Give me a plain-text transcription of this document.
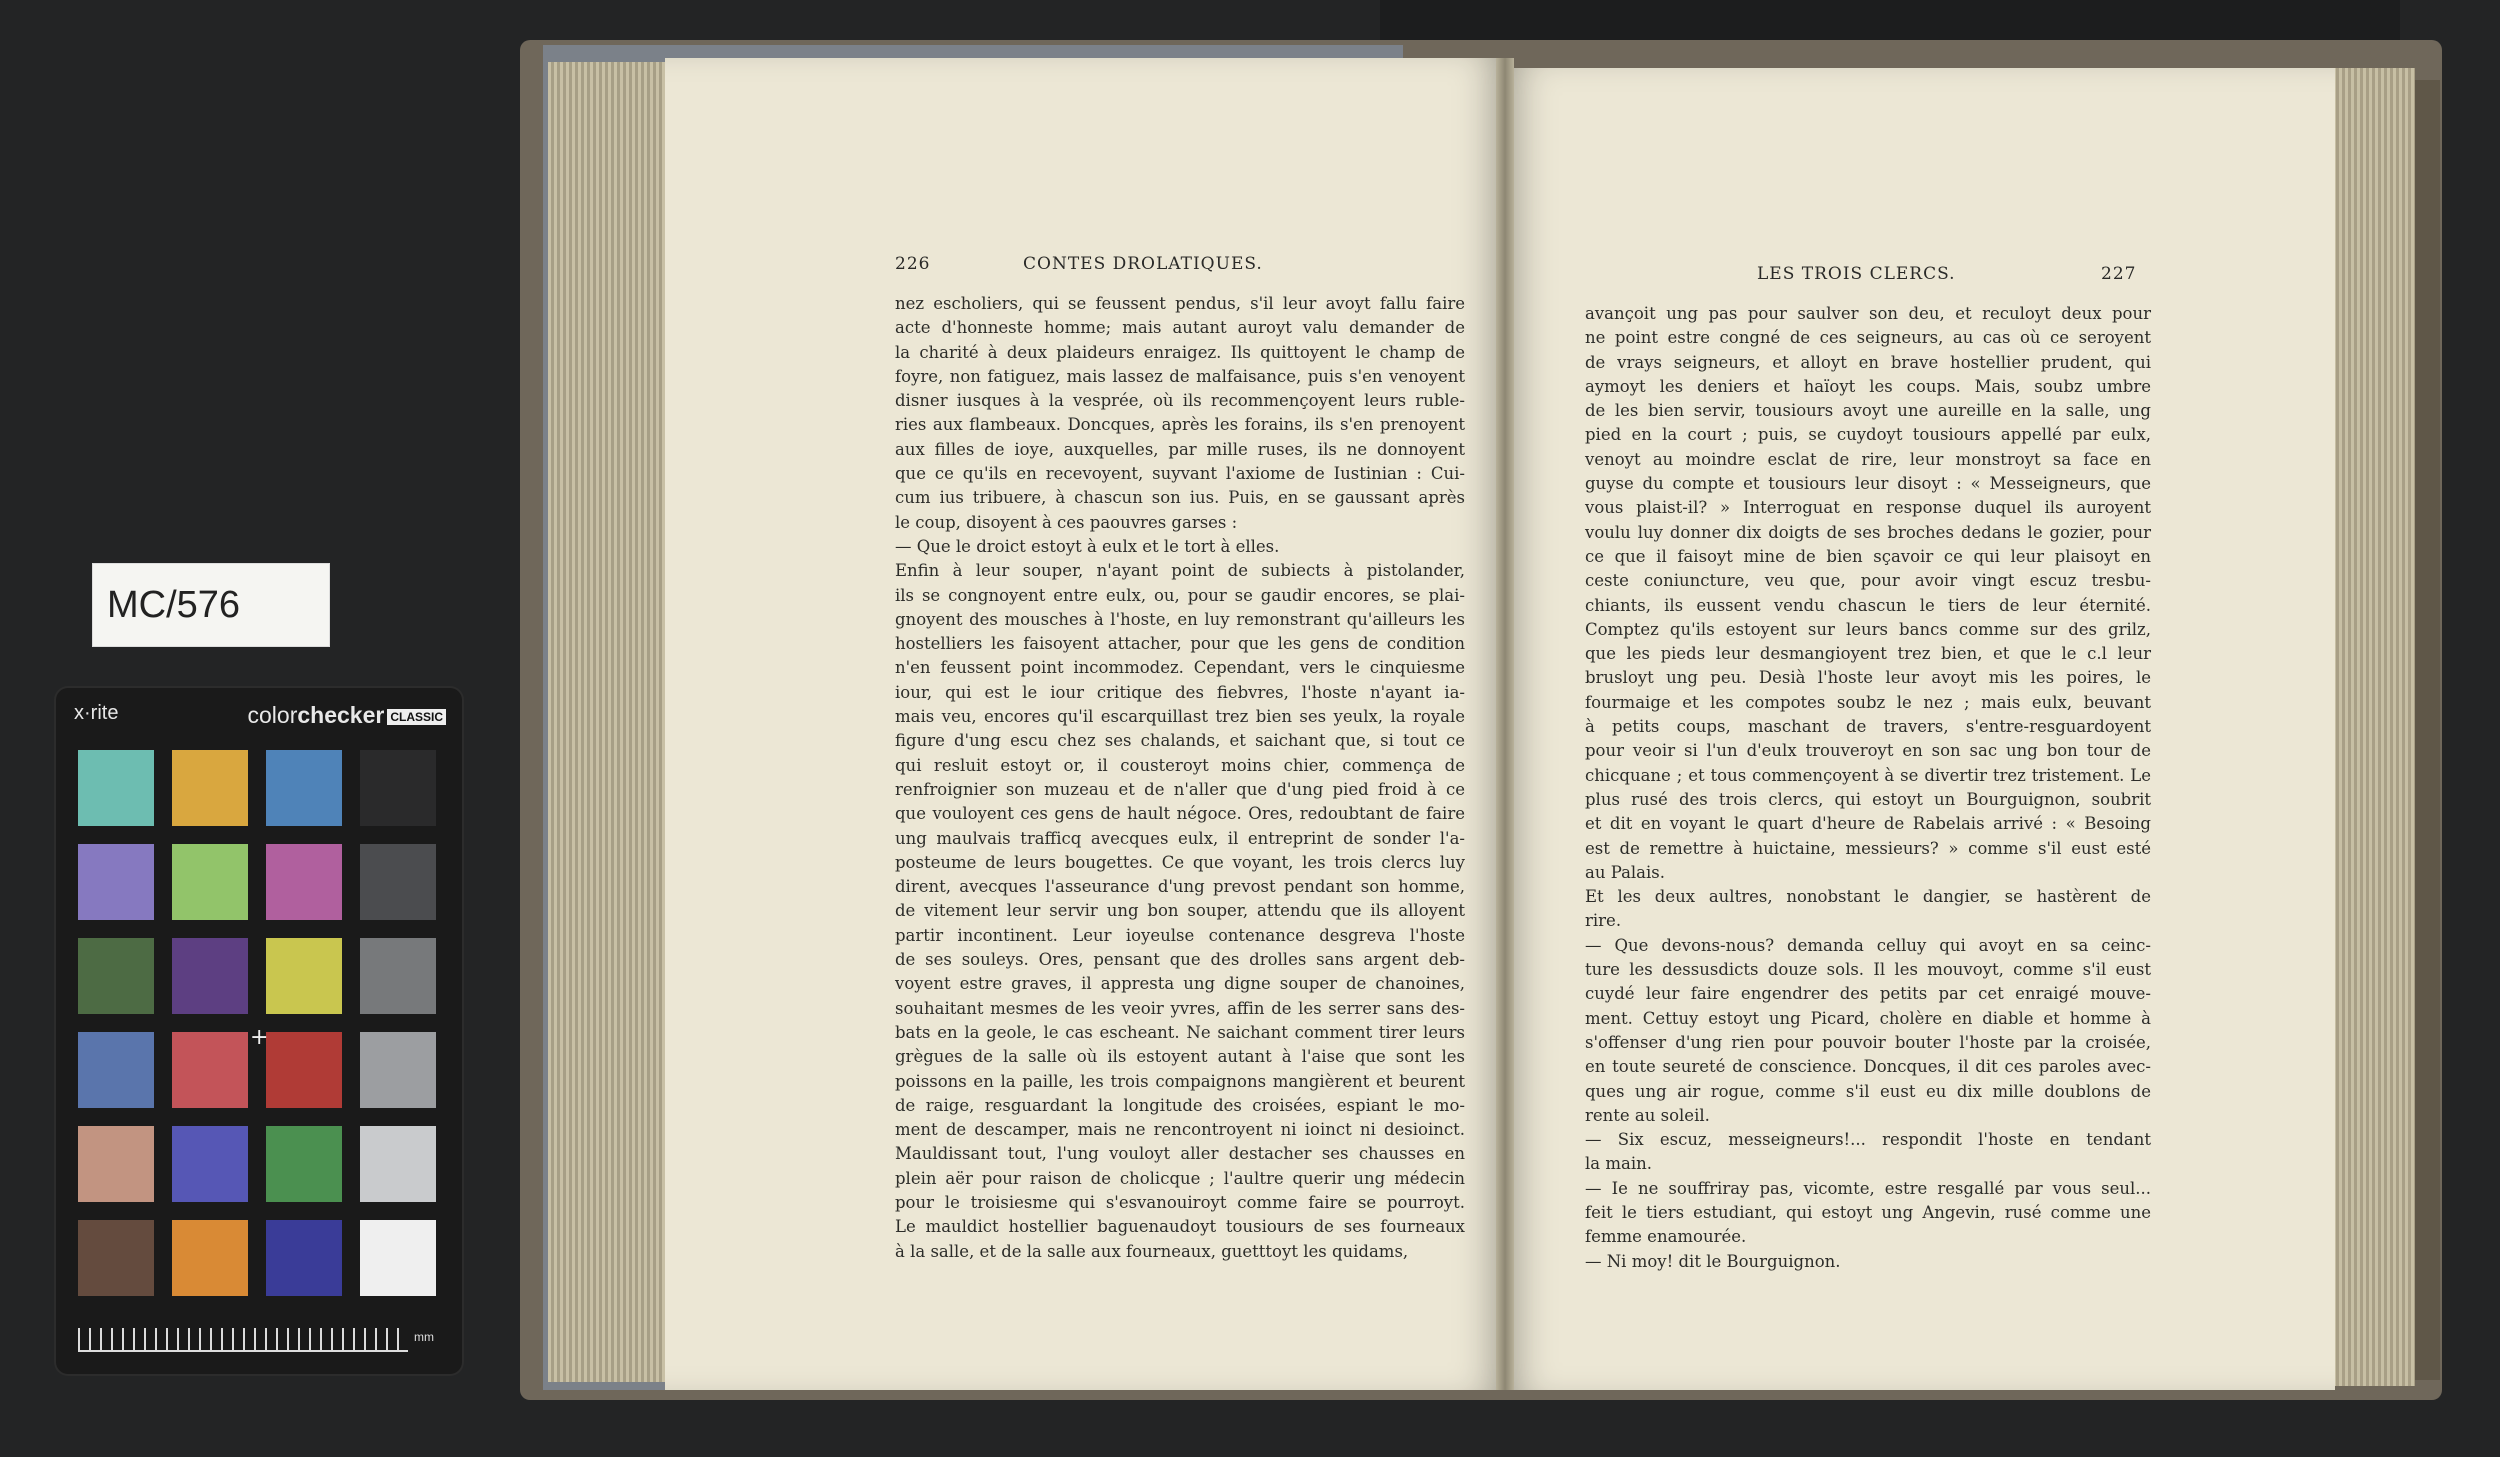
MC/576
x·rite	colorchecker CLASSIC
mm
+
226	CONTES DROLATIQUES.
nez escholiers, qui se feussent pendus, s'il leur avoyt fallu faire
acte d'honneste homme; mais autant auroyt valu demander de
la charité à deux plaideurs enraigez. Ils quittoyent le champ de
foyre, non fatiguez, mais lassez de malfaisance, puis s'en venoyent
disner iusques à la vesprée, où ils recommençoyent leurs ruble-
ries aux flambeaux. Doncques, après les forains, ils s'en prenoyent
aux filles de ioye, auxquelles, par mille ruses, ils ne donnoyent
que ce qu'ils en recevoyent, suyvant l'axiome de Iustinian : Cui-
cum ius tribuere, à chascun son ius. Puis, en se gaussant après
le coup, disoyent à ces paouvres garses :
— Que le droict estoyt à eulx et le tort à elles.
Enfin à leur souper, n'ayant point de subiects à pistolander,
ils se congnoyent entre eulx, ou, pour se gaudir encores, se plai-
gnoyent des mousches à l'hoste, en luy remonstrant qu'ailleurs les
hostelliers les faisoyent attacher, pour que les gens de condition
n'en feussent point incommodez. Cependant, vers le cinquiesme
iour, qui est le iour critique des fiebvres, l'hoste n'ayant ia-
mais veu, encores qu'il escarquillast trez bien ses yeulx, la royale
figure d'ung escu chez ses chalands, et saichant que, si tout ce
qui resluit estoyt or, il cousteroyt moins chier, commença de
renfroignier son muzeau et de n'aller que d'ung pied froid à ce
que vouloyent ces gens de hault négoce. Ores, redoubtant de faire
ung maulvais trafficq avecques eulx, il entreprint de sonder l'a-
posteume de leurs bougettes. Ce que voyant, les trois clercs luy
dirent, avecques l'asseurance d'ung prevost pendant son homme,
de vitement leur servir ung bon souper, attendu que ils alloyent
partir incontinent. Leur ioyeulse contenance desgreva l'hoste
de ses souleys. Ores, pensant que des drolles sans argent deb-
voyent estre graves, il appresta ung digne souper de chanoines,
souhaitant mesmes de les veoir yvres, affin de les serrer sans des-
bats en la geole, le cas escheant. Ne saichant comment tirer leurs
grègues de la salle où ils estoyent autant à l'aise que sont les
poissons en la paille, les trois compaignons mangièrent et beurent
de raige, resguardant la longitude des croisées, espiant le mo-
ment de descamper, mais ne rencontroyent ni ioinct ni desioinct.
Mauldissant tout, l'ung vouloyt aller destacher ses chausses en
plein aër pour raison de cholicque ; l'aultre querir ung médecin
pour le troisiesme qui s'esvanouiroyt comme faire se pourroyt.
Le mauldict hostellier baguenaudoyt tousiours de ses fourneaux
à la salle, et de la salle aux fourneaux, guetttoyt les quidams,
LES TROIS CLERCS.	227
avançoit ung pas pour saulver son deu, et reculoyt deux pour
ne point estre congné de ces seigneurs, au cas où ce seroyent
de vrays seigneurs, et alloyt en brave hostellier prudent, qui
aymoyt les deniers et haïoyt les coups. Mais, soubz umbre
de les bien servir, tousiours avoyt une aureille en la salle, ung
pied en la court ; puis, se cuydoyt tousiours appellé par eulx,
venoyt au moindre esclat de rire, leur monstroyt sa face en
guyse du compte et tousiours leur disoyt : « Messeigneurs, que
vous plaist-il? » Interroguat en response duquel ils auroyent
voulu luy donner dix doigts de ses broches dedans le gozier, pour
ce que il faisoyt mine de bien sçavoir ce qui leur plaisoyt en
ceste coniuncture, veu que, pour avoir vingt escuz tresbu-
chiants, ils eussent vendu chascun le tiers de leur éternité.
Comptez qu'ils estoyent sur leurs bancs comme sur des grilz,
que les pieds leur desmangioyent trez bien, et que le c.l leur
brusloyt ung peu. Desià l'hoste leur avoyt mis les poires, le
fourmaige et les compotes soubz le nez ; mais eulx, beuvant
à petits coups, maschant de travers, s'entre-resguardoyent
pour veoir si l'un d'eulx trouveroyt en son sac ung bon tour de
chicquane ; et tous commençoyent à se divertir trez tristement. Le
plus rusé des trois clercs, qui estoyt un Bourguignon, soubrit
et dit en voyant le quart d'heure de Rabelais arrivé : « Besoing
est de remettre à huictaine, messieurs? » comme s'il eust esté
au Palais.
Et les deux aultres, nonobstant le dangier, se hastèrent de
rire.
— Que devons-nous? demanda celluy qui avoyt en sa ceinc-
ture les dessusdicts douze sols. Il les mouvoyt, comme s'il eust
cuydé leur faire engendrer des petits par cet enraigé mouve-
ment. Cettuy estoyt ung Picard, cholère en diable et homme à
s'offenser d'ung rien pour pouvoir bouter l'hoste par la croisée,
en toute seureté de conscience. Doncques, il dit ces paroles avec-
ques ung air rogue, comme s'il eust eu dix mille doublons de
rente au soleil.
— Six escuz, messeigneurs!... respondit l'hoste en tendant
la main.
— Ie ne souffriray pas, vicomte, estre resgallé par vous seul...
feit le tiers estudiant, qui estoyt ung Angevin, rusé comme une
femme enamourée.
— Ni moy! dit le Bourguignon.
